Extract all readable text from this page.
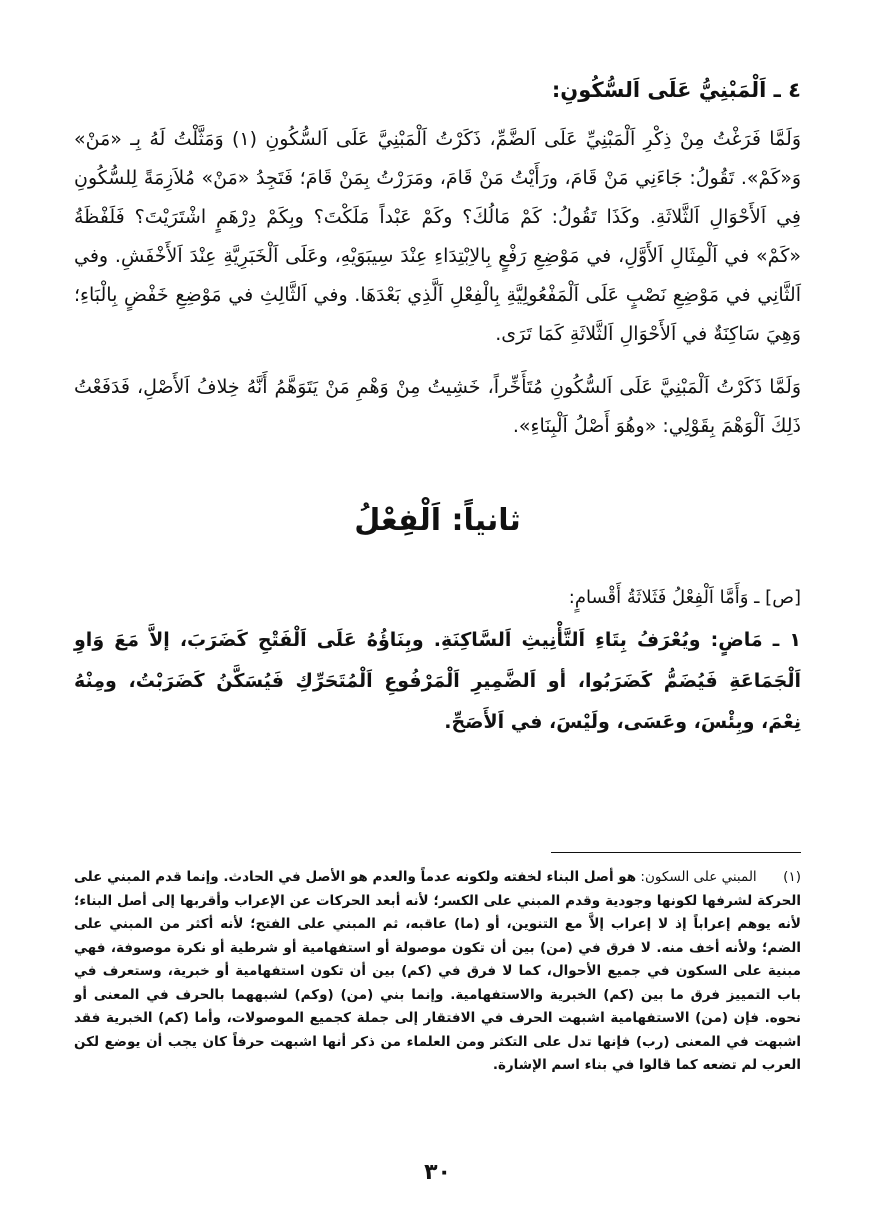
٤ ـ اَلْمَبْنِيُّ عَلَى اَلسُّكُونِ:

وَلَمَّا فَرَغْتُ مِنْ ذِكْرِ اَلْمَبْنِيِّ عَلَى اَلضَّمِّ، ذَكَرْتُ اَلْمَبْنِيَّ عَلَى اَلسُّكُونِ (١) وَمَثَّلْتُ لَهُ بِـ «مَنْ» وَ«كَمْ». تَقُولُ: جَاءَنِي مَنْ قَامَ، ورَأَيْتُ مَنْ قَامَ، ومَرَرْتُ بِمَنْ قَامَ؛ فَتَجِدُ «مَنْ» مُلاَزِمَةً لِلسُّكُونِ فِي اَلأَحْوَالِ اَلثَّلاثَةِ. وكَذَا تَقُولُ: كَمْ مَالُكَ؟ وكَمْ عَبْداً مَلَكْتَ؟ وبِكَمْ دِرْهَمٍ اشْتَرَيْتَ؟ فَلَفْظَةُ «كَمْ» في اَلْمِثَالِ اَلأَوَّلِ، في مَوْضِعِ رَفْعٍ بِالاِبْتِدَاءِ عِنْدَ سِيبَوَيْهِ، وعَلَى اَلْخَبَرِيَّةِ عِنْدَ اَلأَخْفَشِ. وفي اَلثَّانِي في مَوْضِعِ نَصْبٍ عَلَى اَلْمَفْعُولِيَّةِ بِالْفِعْلِ اَلَّذِي بَعْدَهَا. وفي اَلثَّالِثِ في مَوْضِعِ خَفْضٍ بِالْبَاءِ؛ وَهِيَ سَاكِنَةٌ في اَلأَحْوَالِ اَلثَّلاثَةِ كَمَا تَرَى.

وَلَمَّا ذَكَرْتُ اَلْمَبْنِيَّ عَلَى اَلسُّكُونِ مُتَأَخِّراً، خَشِيتُ مِنْ وَهْمِ مَنْ يَتَوَهَّمُ أَنَّهُ خِلافُ اَلأَصْلِ، فَدَفَعْتُ ذَلِكَ اَلْوَهْمَ بِقَوْلِي: «وهُوَ أَصْلُ اَلْبِنَاءِ».

ثانياً: اَلْفِعْلُ

[ص] ـ وَأَمَّا اَلْفِعْلُ فَثَلاثَةُ أَقْسامٍ:

١ ـ مَاضٍ: ويُعْرَفُ بِتَاءِ اَلتَّأْنِيثِ اَلسَّاكِنَةِ. وبِنَاؤُهُ عَلَى اَلْفَتْحِ كَضَرَبَ، إلاَّ مَعَ وَاوِ اَلْجَمَاعَةِ فَيُضَمُّ كَضَرَبُوا، أو اَلضَّمِيرِ اَلْمَرْفُوعِ اَلْمُتَحَرِّكِ فَيُسَكَّنُ كَضَرَبْتُ، ومِنْهُ نِعْمَ، وبِئْسَ، وعَسَى، ولَيْسَ، في اَلأَصَحِّ.

(١) المبني على السكون: هو أصل البناء لخفته ولكونه عدماً والعدم هو الأصل في الحادث. وإنما قدم المبني على الحركة لشرفها لكونها وجودية وقدم المبني على الكسر؛ لأنه أبعد الحركات عن الإعراب وأقربها إلى أصل البناء؛ لأنه يوهم إعراباً إذ لا إعراب إلاَّ مع التنوين، أو (ما) عاقبه، ثم المبني على الفتح؛ لأنه أكثر من المبني على الضم؛ ولأنه أخف منه. لا فرق في (من) بين أن تكون موصولة أو استفهامية أو شرطية أو نكرة موصوفة، فهي مبنية على السكون في جميع الأحوال، كما لا فرق في (كم) بين أن تكون استفهامية أو خبرية، وستعرف في باب التمييز فرق ما بين (كم) الخبرية والاستفهامية. وإنما بني (من) (وكم) لشبههما بالحرف في المعنى أو نحوه. فإن (من) الاستفهامية اشبهت الحرف في الافتقار إلى جملة كجميع الموصولات، وأما (كم) الخبرية فقد اشبهت في المعنى (رب) فإنها تدل على التكثر ومن العلماء من ذكر أنها اشبهت حرفاً كان يجب أن يوضع لكن العرب لم تضعه كما قالوا في بناء اسم الإشارة.
٣٠
